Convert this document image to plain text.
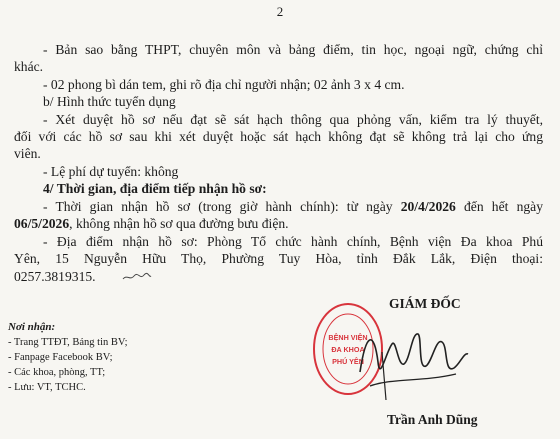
2
- Bản sao bằng THPT, chuyên môn và bảng điểm, tin học, ngoại ngữ, chứng chỉ
khác.
- 02 phong bì dán tem, ghi rõ địa chỉ người nhận; 02 ảnh 3 x 4 cm.
b/ Hình thức tuyển dụng
- Xét duyệt hồ sơ nếu đạt sẽ sát hạch thông qua phỏng vấn, kiểm tra lý thuyết,
đối với các hồ sơ sau khi xét duyệt hoặc sát hạch không đạt sẽ không trả lại cho ứng
viên.
- Lệ phí dự tuyển: không
4/ Thời gian, địa điểm tiếp nhận hồ sơ:
- Thời gian nhận hồ sơ (trong giờ hành chính): từ ngày 20/4/2026 đến hết ngày
06/5/2026, không nhận hồ sơ qua đường bưu điện.
- Địa điểm nhận hồ sơ: Phòng Tổ chức hành chính, Bệnh viện Đa khoa Phú
Yên, 15 Nguyễn Hữu Thọ, Phường Tuy Hòa, tỉnh Đắk Lắk, Điện thoại:
0257.3819315.
Nơi nhận:
- Trang TTĐT, Bảng tin BV;
- Fanpage Facebook BV;
- Các khoa, phòng, TT;
- Lưu: VT, TCHC.
GIÁM ĐỐC
BỆNH VIỆN
ĐA KHOA
PHÚ YÊN
Trần Anh Dũng
